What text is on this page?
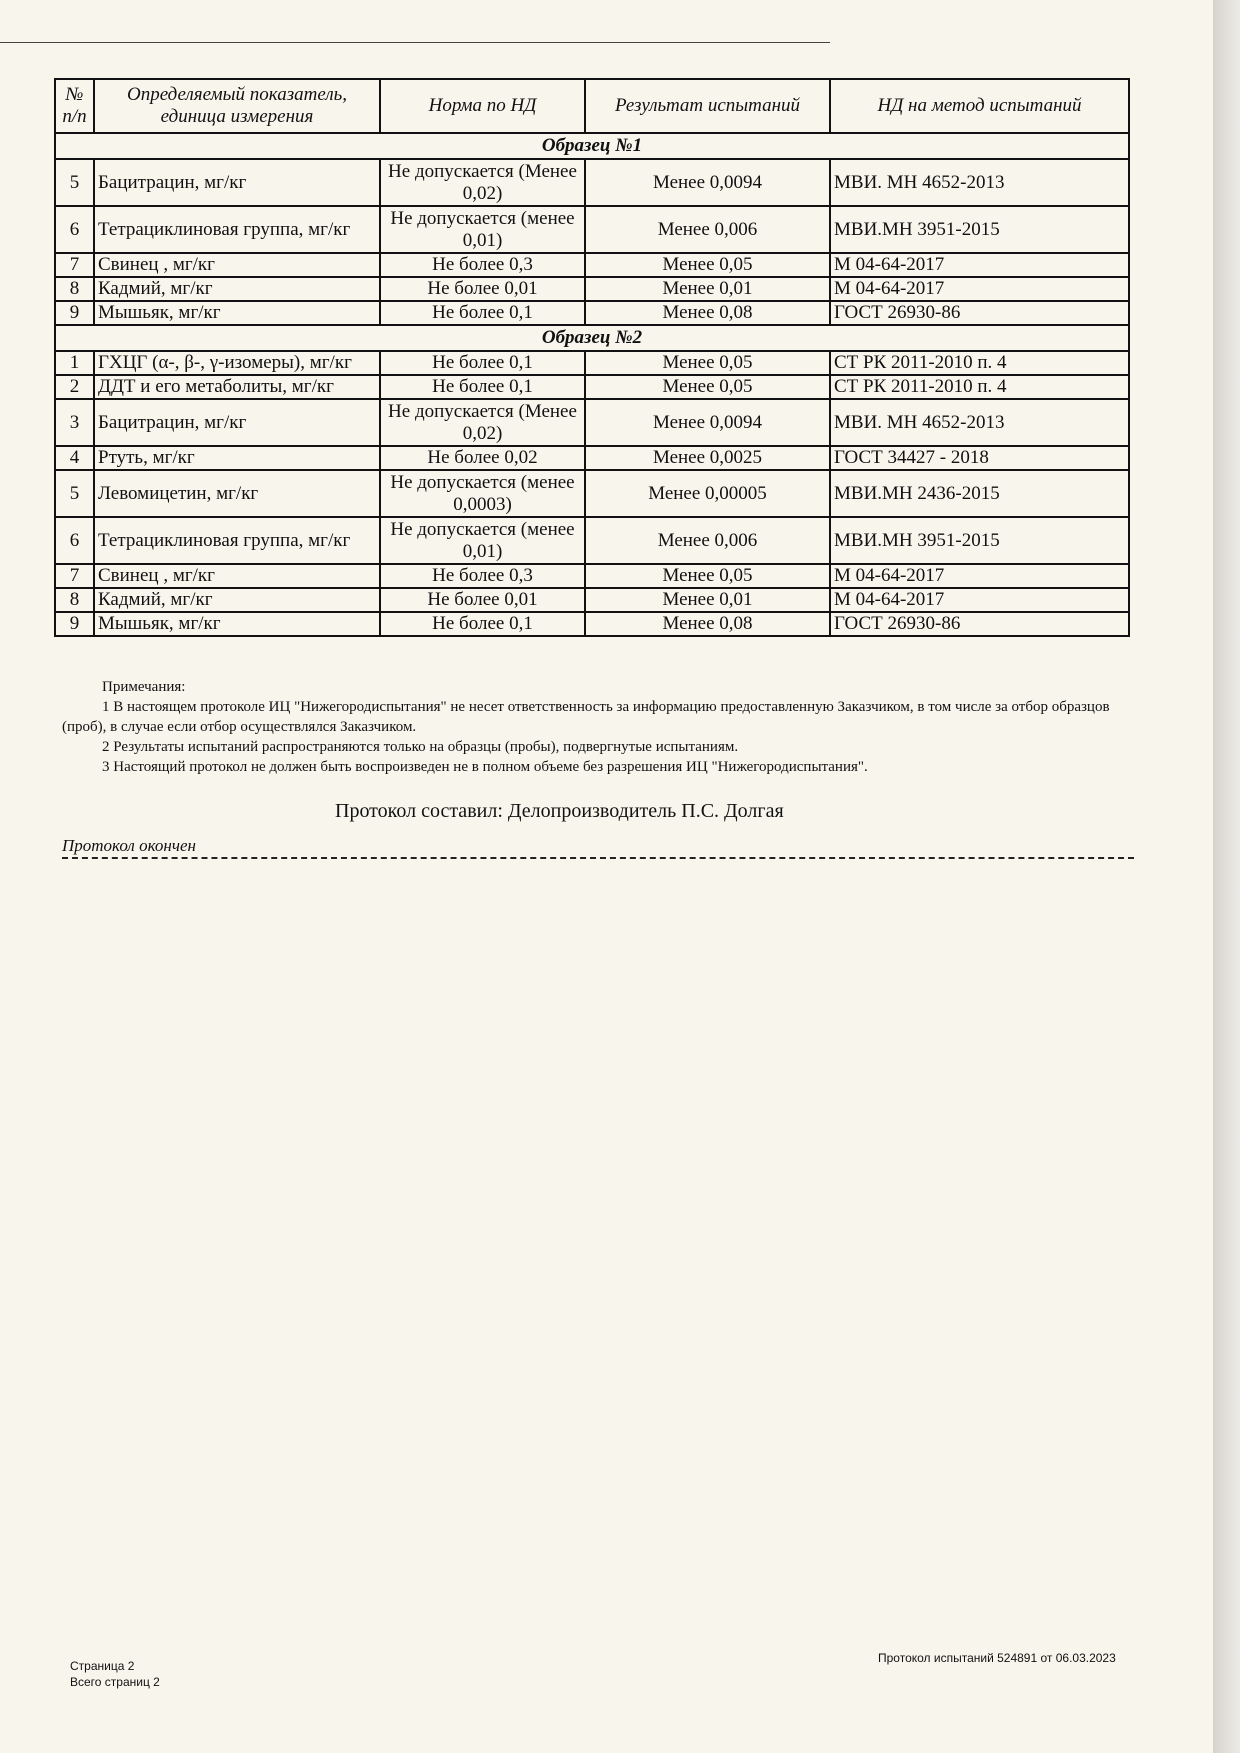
№ п/п	Определяемый показатель, единица измерения	Норма по НД	Результат испытаний	НД на метод испытаний
Образец №1				
5	Бацитрацин, мг/кг	Не допускается (Менее 0,02)	Менее 0,0094	МВИ. МН 4652-2013
6	Тетрациклиновая группа, мг/кг	Не допускается (менее 0,01)	Менее 0,006	МВИ.МН 3951-2015
7	Свинец , мг/кг	Не более 0,3	Менее 0,05	М 04-64-2017
8	Кадмий, мг/кг	Не более 0,01	Менее 0,01	М 04-64-2017
9	Мышьяк, мг/кг	Не более 0,1	Менее 0,08	ГОСТ 26930-86
Образец №2				
1	ГХЦГ (α-, β-, γ-изомеры), мг/кг	Не более 0,1	Менее 0,05	СТ РК 2011-2010 п. 4
2	ДДТ и его метаболиты, мг/кг	Не более 0,1	Менее 0,05	СТ РК 2011-2010 п. 4
3	Бацитрацин, мг/кг	Не допускается (Менее 0,02)	Менее 0,0094	МВИ. МН 4652-2013
4	Ртуть, мг/кг	Не более 0,02	Менее 0,0025	ГОСТ 34427 - 2018
5	Левомицетин, мг/кг	Не допускается (менее 0,0003)	Менее 0,00005	МВИ.МН 2436-2015
6	Тетрациклиновая группа, мг/кг	Не допускается (менее 0,01)	Менее 0,006	МВИ.МН 3951-2015
7	Свинец , мг/кг	Не более 0,3	Менее 0,05	М 04-64-2017
8	Кадмий, мг/кг	Не более 0,01	Менее 0,01	М 04-64-2017
9	Мышьяк, мг/кг	Не более 0,1	Менее 0,08	ГОСТ 26930-86
Примечания:
1 В настоящем протоколе ИЦ "Нижегородиспытания" не несет ответственность за информацию предоставленную Заказчиком, в том числе за отбор образцов (проб), в случае если отбор осуществлялся Заказчиком.
2 Результаты испытаний распространяются только на образцы (пробы), подвергнутые испытаниям.
3 Настоящий протокол не должен быть воспроизведен не в полном объеме без разрешения ИЦ "Нижегородиспытания".
Протокол составил: Делопроизводитель П.С. Долгая
Протокол окончен
Страница 2
Всего страниц 2
Протокол испытаний 524891 от 06.03.2023
